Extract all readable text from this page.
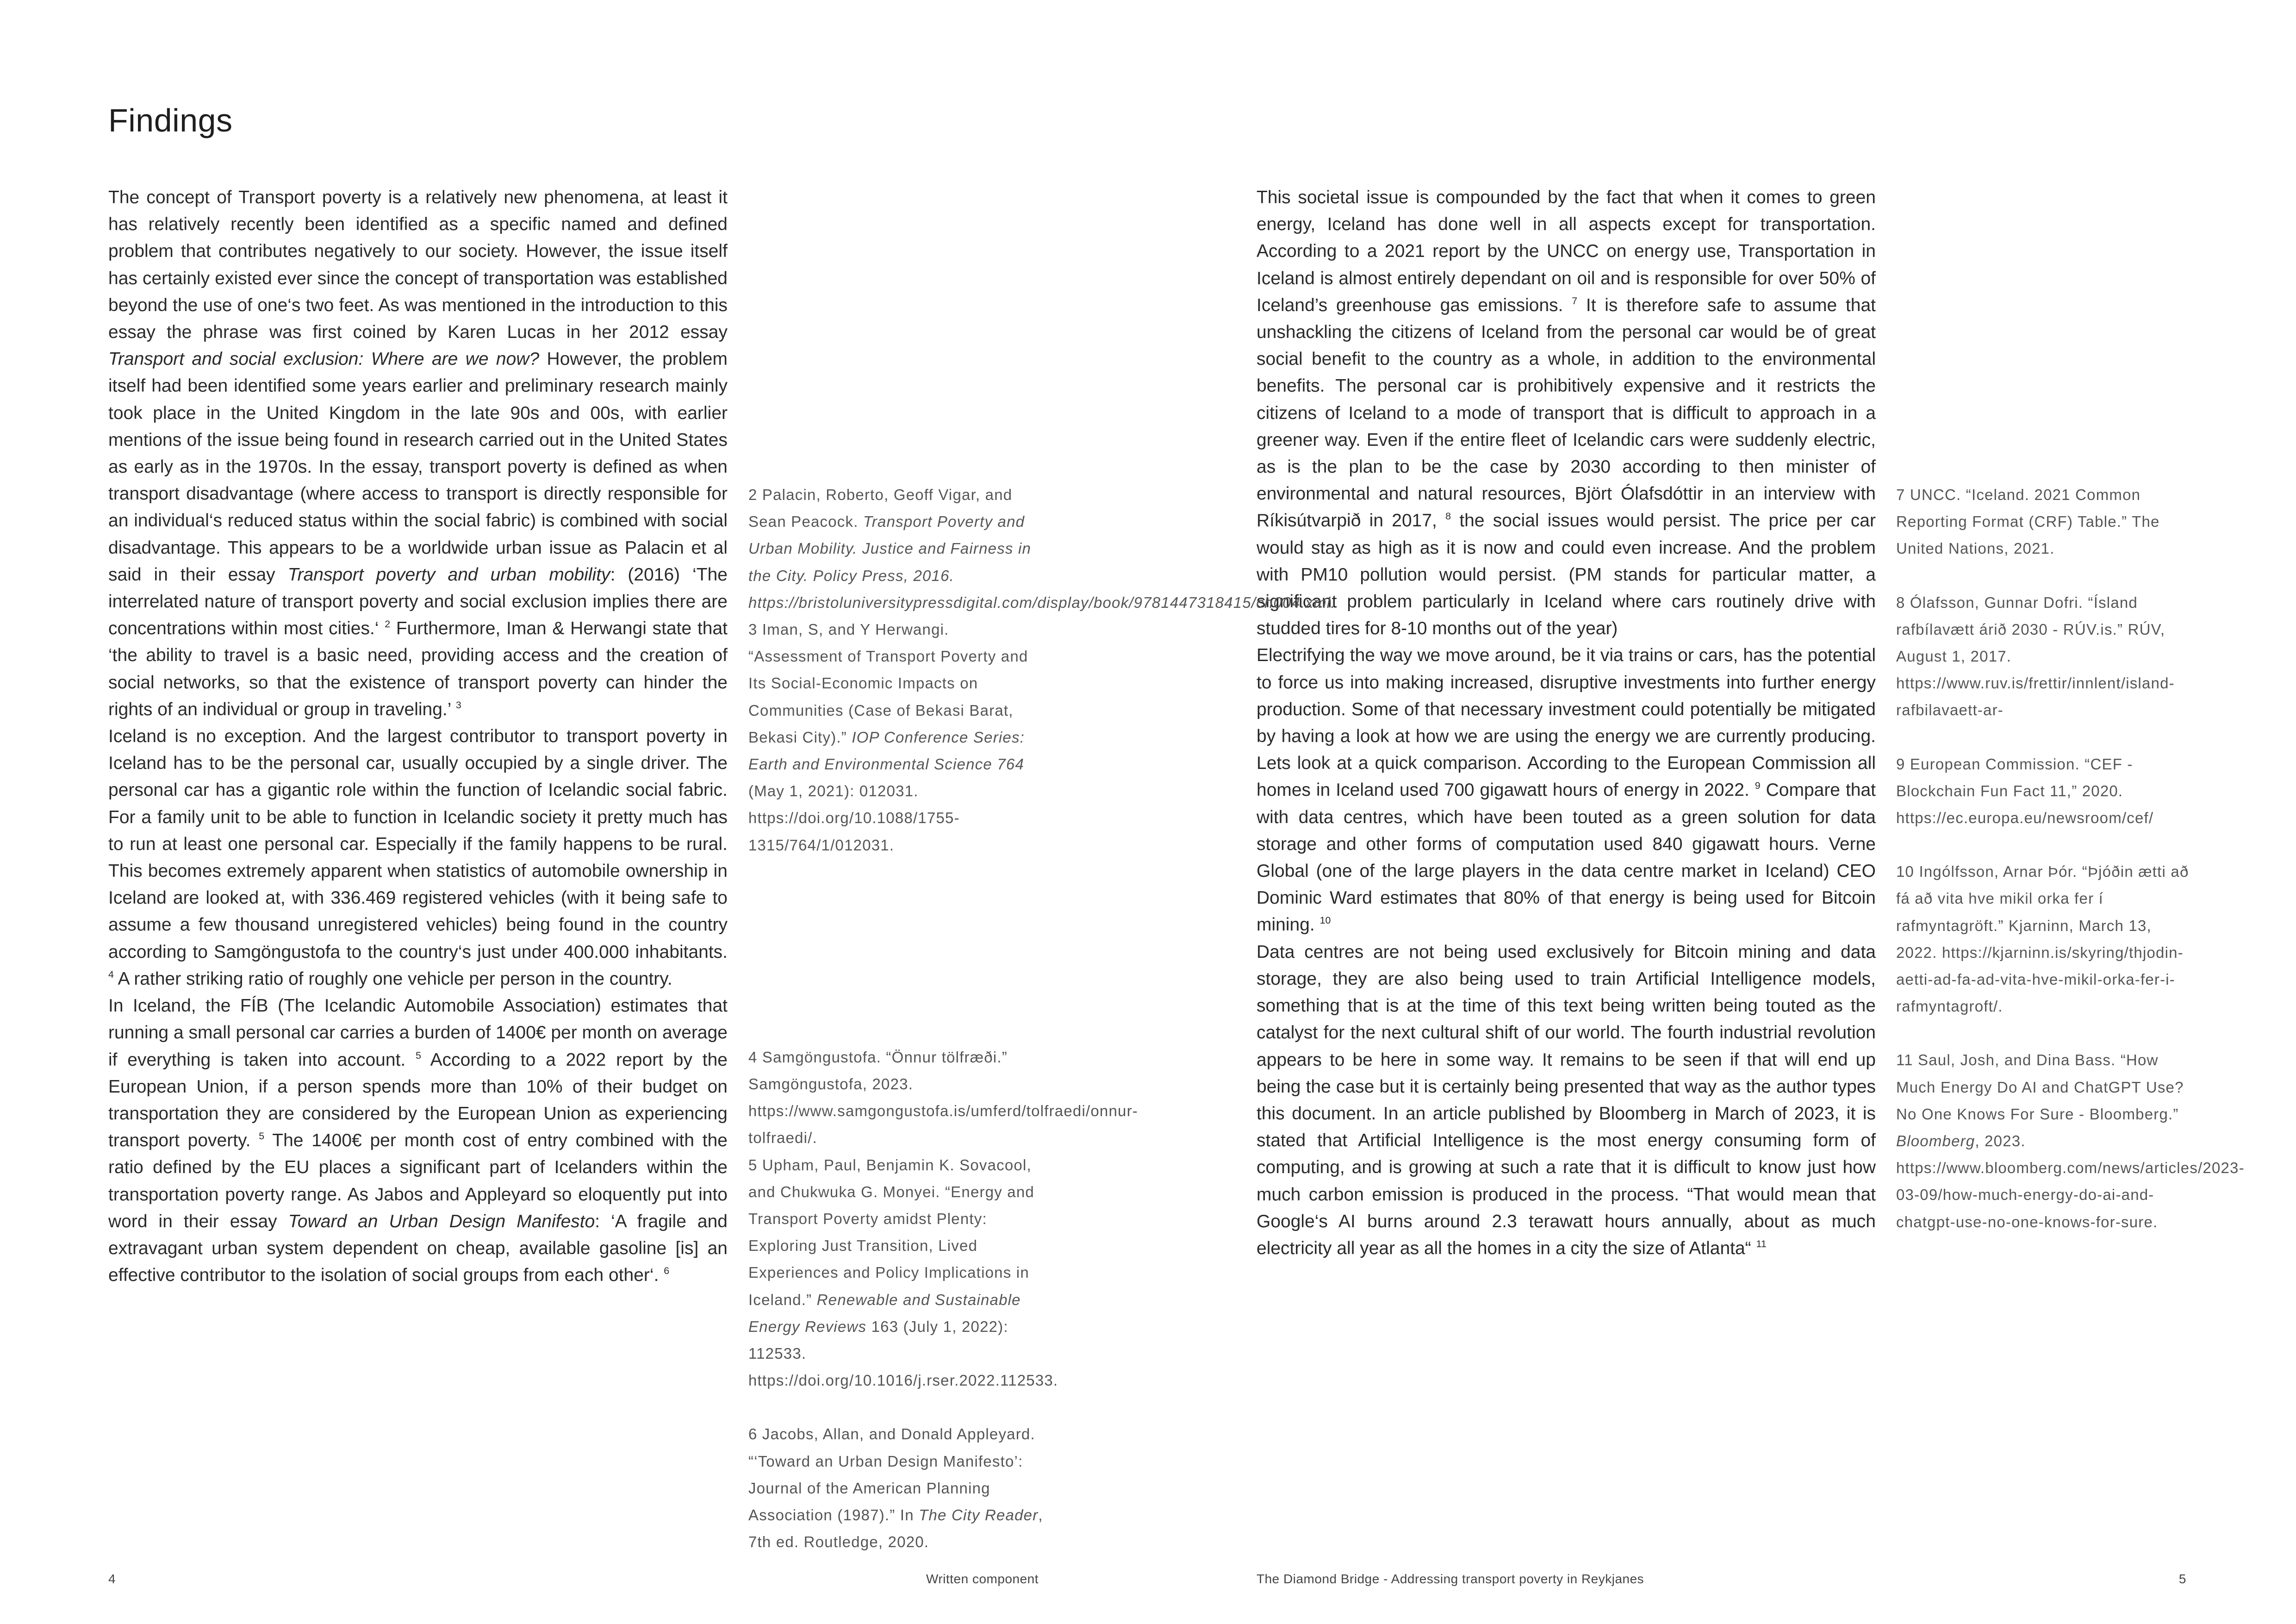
Findings

The concept of Transport poverty is a relatively new phenomena, at least it has relatively recently been identified as a specific named and defined problem that contributes negatively to our society. However, the issue itself has certainly existed ever since the concept of transportation was established beyond the use of one‘s two feet. As was mentioned in the introduction to this essay the phrase was first coined by Karen Lucas in her 2012 essay Transport and social exclusion: Where are we now? However, the problem itself had been identified some years earlier and preliminary research mainly took place in the United Kingdom in the late 90s and 00s, with earlier mentions of the issue being found in research carried out in the United States as early as in the 1970s. In the essay, transport poverty is defined as when transport disadvantage (where access to transport is directly responsible for an individual‘s reduced status within the social fabric) is combined with social disadvantage. This appears to be a worldwide urban issue as Palacin et al said in their essay Transport poverty and urban mobility: (2016) ‘The interrelated nature of transport poverty and social exclusion implies there are concentrations within most cities.‘ $^2$ Furthermore, Iman & Herwangi state that ‘the ability to travel is a basic need, providing access and the creation of social networks, so that the existence of transport poverty can hinder the rights of an individual or group in traveling.’ $^3$

Iceland is no exception. And the largest contributor to transport poverty in Iceland has to be the personal car, usually occupied by a single driver. The personal car has a gigantic role within the function of Icelandic social fabric. For a family unit to be able to function in Icelandic society it pretty much has to run at least one personal car. Especially if the family happens to be rural. This becomes extremely apparent when statistics of automobile ownership in Iceland are looked at, with 336.469 registered vehicles (with it being safe to assume a few thousand unregistered vehicles) being found in the country according to Samgöngustofa to the country‘s just under 400.000 inhabitants. $^4$ A rather striking ratio of roughly one vehicle per person in the country.

In Iceland, the FÍB (The Icelandic Automobile Association) estimates that running a small personal car carries a burden of 1400€ per month on average if everything is taken into account. $^5$ According to a 2022 report by the European Union, if a person spends more than 10% of their budget on transportation they are considered by the European Union as experiencing transport poverty. $^5$ The 1400€ per month cost of entry combined with the ratio defined by the EU places a significant part of Icelanders within the transportation poverty range. As Jabos and Appleyard so eloquently put into word in their essay Toward an Urban Design Manifesto: ‘A fragile and extravagant urban system dependent on cheap, available gasoline [is] an effective contributor to the isolation of social groups from each other‘. $^6$

This societal issue is compounded by the fact that when it comes to green energy, Iceland has done well in all aspects except for transportation. According to a 2021 report by the UNCC on energy use, Transportation in Iceland is almost entirely dependant on oil and is responsible for over 50% of Iceland’s greenhouse gas emissions. $^7$ It is therefore safe to assume that unshackling the citizens of Iceland from the personal car would be of great social benefit to the country as a whole, in addition to the environmental benefits. The personal car is prohibitively expensive and it restricts the citizens of Iceland to a mode of transport that is difficult to approach in a greener way. Even if the entire fleet of Icelandic cars were suddenly electric, as is the plan to be the case by 2030 according to then minister of environmental and natural resources, Björt Ólafsdóttir in an interview with Ríkisútvarpið in 2017, $^8$ the social issues would persist. The price per car would stay as high as it is now and could even increase. And the problem with PM10 pollution would persist. (PM stands for particular matter, a significant problem particularly in Iceland where cars routinely drive with studded tires for 8-10 months out of the year)

Electrifying the way we move around, be it via trains or cars, has the potential to force us into making increased, disruptive investments into further energy production. Some of that necessary investment could potentially be mitigated by having a look at how we are using the energy we are currently producing. Lets look at a quick comparison. According to the European Commission all homes in Iceland used 700 gigawatt hours of energy in 2022. $^9$ Compare that with data centres, which have been touted as a green solution for data storage and other forms of computation used 840 gigawatt hours. Verne Global (one of the large players in the data centre market in Iceland) CEO Dominic Ward estimates that 80% of that energy is being used for Bitcoin mining. $^{10}$

Data centres are not being used exclusively for Bitcoin mining and data storage, they are also being used to train Artificial Intelligence models, something that is at the time of this text being written being touted as the catalyst for the next cultural shift of our world. The fourth industrial revolution appears to be here in some way. It remains to be seen if that will end up being the case but it is certainly being presented that way as the author types this document. In an article published by Bloomberg in March of 2023, it is stated that Artificial Intelligence is the most energy consuming form of computing, and is growing at such a rate that it is difficult to know just how much carbon emission is produced in the process. “That would mean that Google‘s AI burns around 2.3 terawatt hours annually, about as much electricity all year as all the homes in a city the size of Atlanta“ $^{11}$

2 Palacin, Roberto, Geoff Vigar, and Sean Peacock. Transport Poverty and Urban Mobility. Justice and Fairness in the City. Policy Press, 2016. https://bristoluniversitypressdigital.com/display/book/9781447318415/ch004.xml.

3 Iman, S, and Y Herwangi. “Assessment of Transport Poverty and Its Social-Economic Impacts on Communities (Case of Bekasi Barat, Bekasi City).” IOP Conference Series: Earth and Environmental Science 764 (May 1, 2021): 012031. https://doi.org/10.1088/1755-1315/764/1/012031.

4 Samgöngustofa. “Önnur tölfræði.” Samgöngustofa, 2023. https://www.samgongustofa.is/umferd/tolfraedi/onnur-tolfraedi/.

5 Upham, Paul, Benjamin K. Sovacool, and Chukwuka G. Monyei. “Energy and Transport Poverty amidst Plenty: Exploring Just Transition, Lived Experiences and Policy Implications in Iceland.” Renewable and Sustainable Energy Reviews 163 (July 1, 2022): 112533. https://doi.org/10.1016/j.rser.2022.112533.

6 Jacobs, Allan, and Donald Appleyard. “‘Toward an Urban Design Manifesto’: Journal of the American Planning Association (1987).” In The City Reader, 7th ed. Routledge, 2020.

7 UNCC. “Iceland. 2021 Common Reporting Format (CRF) Table.” The United Nations, 2021.

8 Ólafsson, Gunnar Dofri. “Ísland rafbílavætt árið 2030 - RÚV.is.” RÚV, August 1, 2017. https://www.ruv.is/frettir/innlent/island-rafbilavaett-ar-

9 European Commission. “CEF - Blockchain Fun Fact 11,” 2020. https://ec.europa.eu/newsroom/cef/

10 Ingólfsson, Arnar Þór. “Þjóðin ætti að fá að vita hve mikil orka fer í rafmyntagröft.” Kjarninn, March 13, 2022. https://kjarninn.is/skyring/thjodin-aetti-ad-fa-ad-vita-hve-mikil-orka-fer-i-rafmyntagroft/.

11 Saul, Josh, and Dina Bass. “How Much Energy Do AI and ChatGPT Use? No One Knows For Sure - Bloomberg.” Bloomberg, 2023. https://www.bloomberg.com/news/articles/2023-03-09/how-much-energy-do-ai-and-chatgpt-use-no-one-knows-for-sure.

4	Written component	The Diamond Bridge - Addressing transport poverty in Reykjanes	5
